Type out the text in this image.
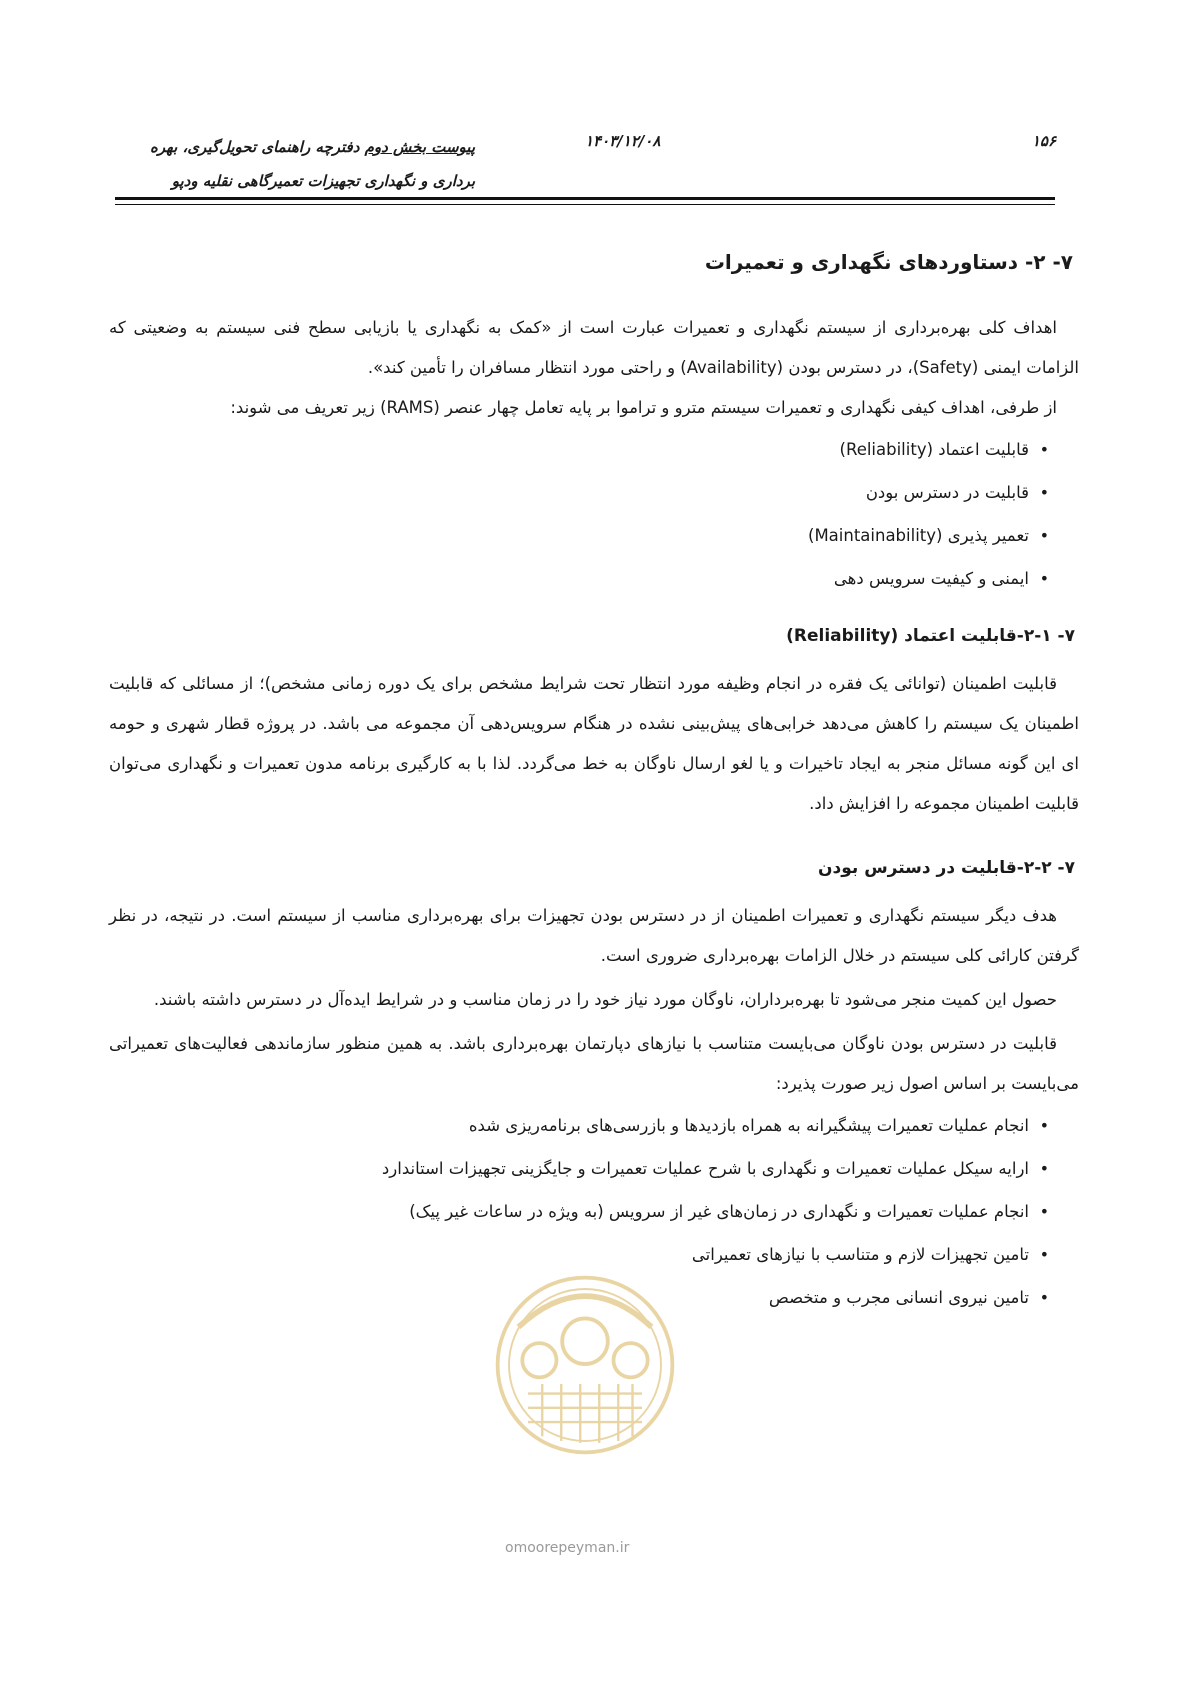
۱۵۶
۱۴۰۳/۱۲/۰۸
پیوست بخش دوم دفترچه راهنمای تحویل‌گیری، بهره
برداری و نگهداری تجهیزات تعمیرگاهی نقلیه ودپو
۷- ۲- دستاوردهای نگهداری و تعمیرات

اهداف کلی بهره‌برداری از سیستم نگهداری و تعمیرات عبارت است از «کمک به نگهداری یا بازیابی سطح فنی سیستم به وضعیتی که الزامات ایمنی (Safety)، در دسترس بودن (Availability) و راحتی مورد انتظار مسافران را تأمین کند».

از طرفی، اهداف کیفی نگهداری و تعمیرات سیستم مترو و تراموا بر پایه تعامل چهار عنصر (RAMS) زیر تعریف می شوند:

• قابلیت اعتماد (Reliability)
• قابلیت در دسترس بودن
• تعمیر پذیری (Maintainability)
• ایمنی و کیفیت سرویس دهی
۷- ۲-۱-قابلیت اعتماد (Reliability)

قابلیت اطمینان (توانائی یک فقره در انجام وظیفه مورد انتظار تحت شرایط مشخص برای یک دوره زمانی مشخص)؛ از مسائلی که قابلیت اطمینان یک سیستم را کاهش می‌دهد خرابی‌های پیش‌بینی نشده در هنگام سرویس‌دهی آن مجموعه می باشد. در پروژه قطار شهری و حومه ای این گونه مسائل منجر به ایجاد تاخیرات و یا لغو ارسال ناوگان به خط می‌گردد. لذا با به کارگیری برنامه مدون تعمیرات و نگهداری می‌توان قابلیت اطمینان مجموعه را افزایش داد.

۷- ۲-۲-قابلیت در دسترس بودن

هدف دیگر سیستم نگهداری و تعمیرات اطمینان از در دسترس بودن تجهیزات برای بهره‌برداری مناسب از سیستم است. در نتیجه، در نظر گرفتن کارائی کلی سیستم در خلال الزامات بهره‌برداری ضروری است.

حصول این کمیت منجر می‌شود تا بهره‌برداران، ناوگان مورد نیاز خود را در زمان مناسب و در شرایط ایده‌آل در دسترس داشته باشند.

قابلیت در دسترس بودن ناوگان می‌بایست متناسب با نیازهای دپارتمان بهره‌برداری باشد. به همین منظور سازماندهی فعالیت‌های تعمیراتی می‌بایست بر اساس اصول زیر صورت پذیرد:

• انجام عملیات تعمیرات پیشگیرانه به همراه بازدیدها و بازرسی‌های برنامه‌ریزی شده
• ارایه سیکل عملیات تعمیرات و نگهداری با شرح عملیات تعمیرات و جایگزینی تجهیزات استاندارد
• انجام عملیات تعمیرات و نگهداری در زمان‌های غیر از سرویس (به ویژه در ساعات غیر پیک)
• تامین تجهیزات لازم و متناسب با نیازهای تعمیراتی
• تامین نیروی انسانی مجرب و متخصص
omoorepeyman.ir
